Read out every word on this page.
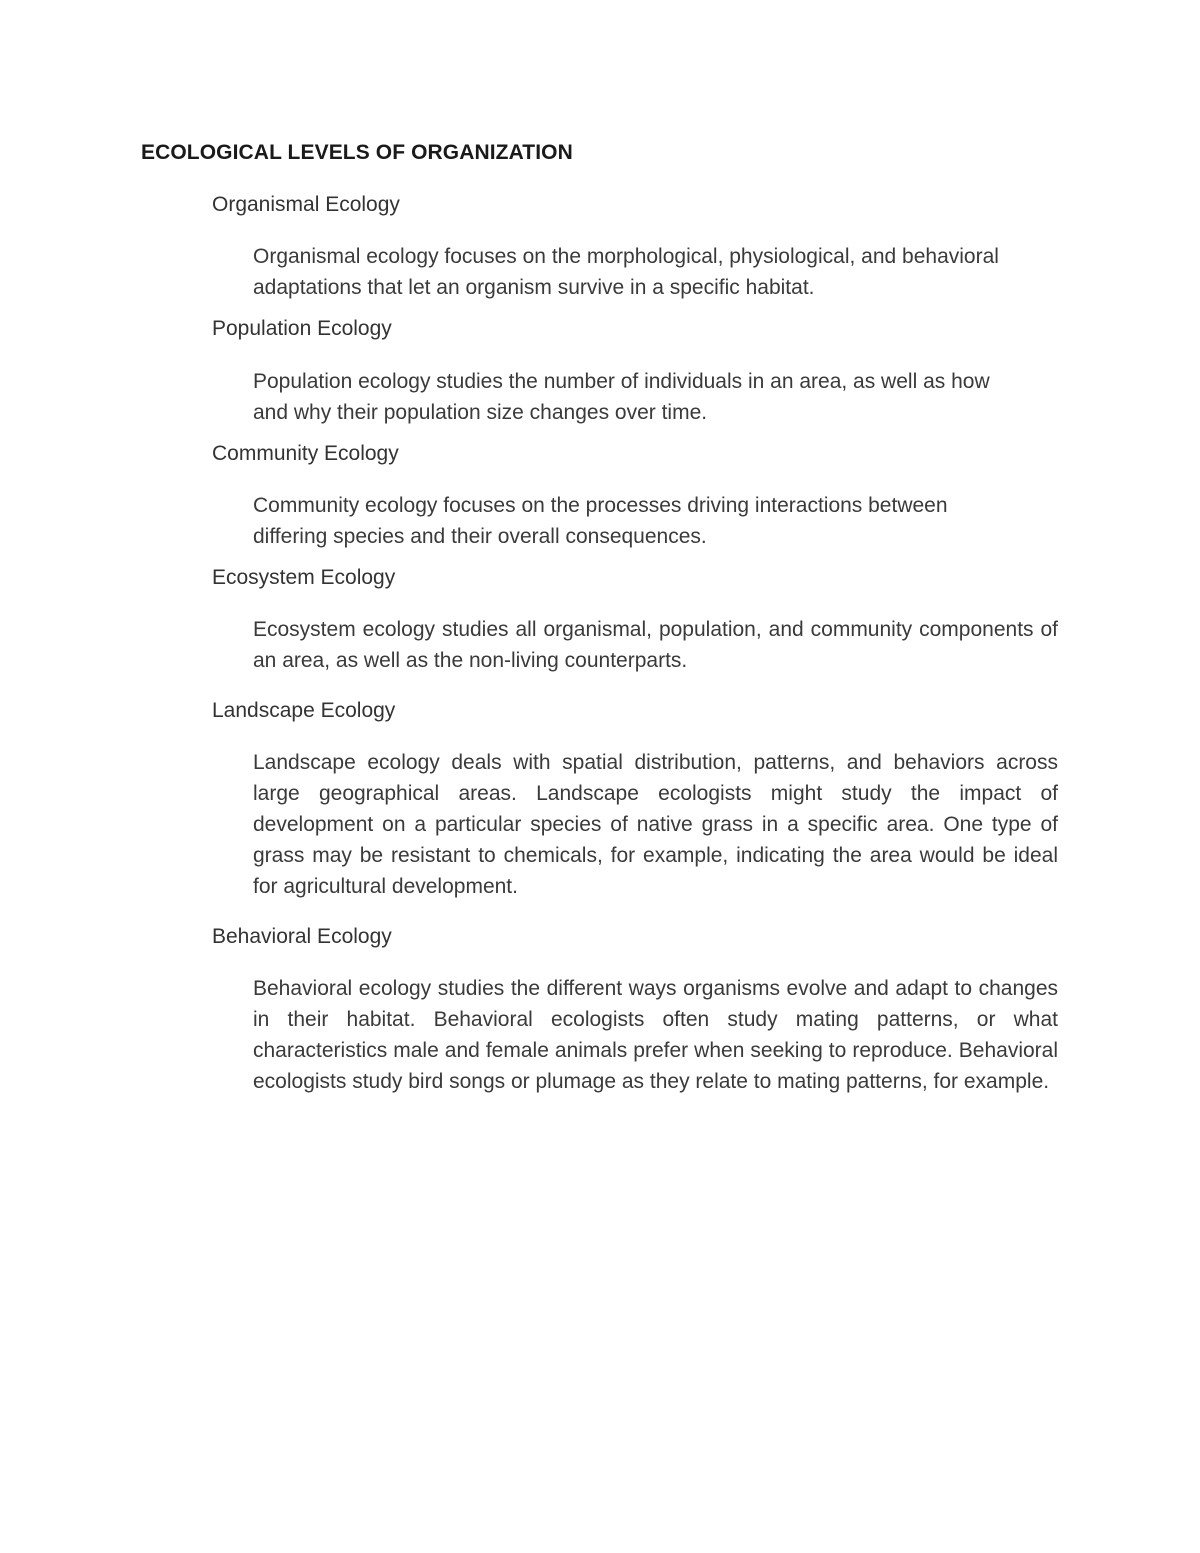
ECOLOGICAL LEVELS OF ORGANIZATION
Organismal Ecology
Organismal ecology focuses on the morphological, physiological, and behavioral adaptations that let an organism survive in a specific habitat.
Population Ecology
Population ecology studies the number of individuals in an area, as well as how and why their population size changes over time.
Community Ecology
Community ecology focuses on the processes driving interactions between differing species and their overall consequences.
Ecosystem Ecology
Ecosystem ecology studies all organismal, population, and community components of an area, as well as the non-living counterparts.
Landscape Ecology
Landscape ecology deals with spatial distribution, patterns, and behaviors across large geographical areas. Landscape ecologists might study the impact of development on a particular species of native grass in a specific area. One type of grass may be resistant to chemicals, for example, indicating the area would be ideal for agricultural development.
Behavioral Ecology
Behavioral ecology studies the different ways organisms evolve and adapt to changes in their habitat. Behavioral ecologists often study mating patterns, or what characteristics male and female animals prefer when seeking to reproduce. Behavioral ecologists study bird songs or plumage as they relate to mating patterns, for example.
